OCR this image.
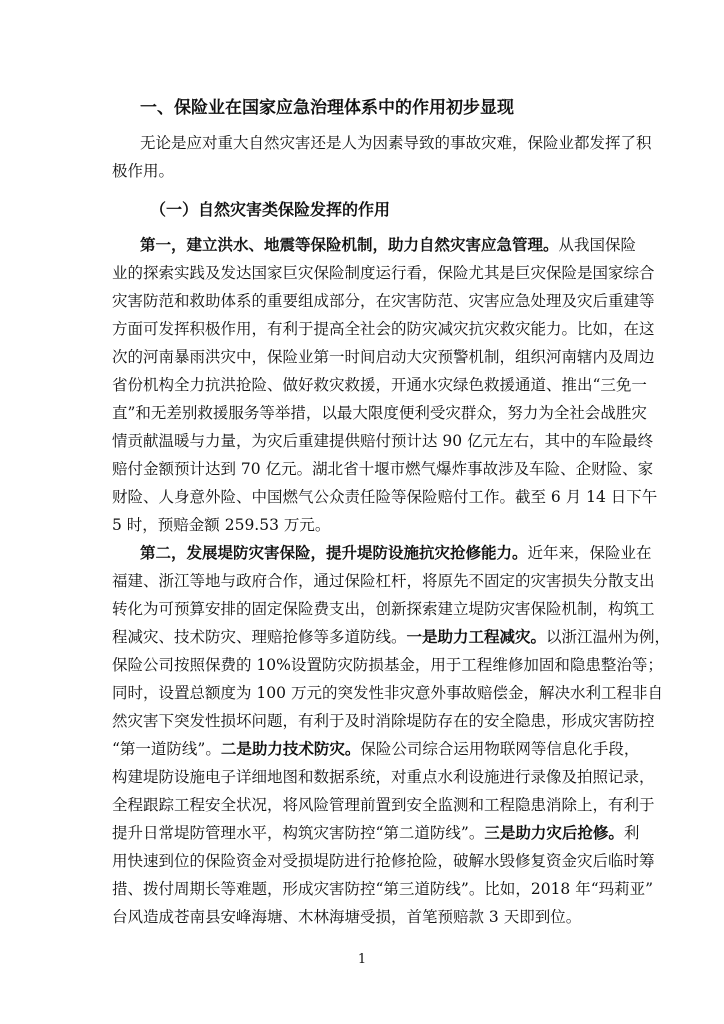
一、保险业在国家应急治理体系中的作用初步显现
无论是应对重大自然灾害还是人为因素导致的事故灾难，保险业都发挥了积
极作用。
（一）自然灾害类保险发挥的作用
第一，建立洪水、地震等保险机制，助力自然灾害应急管理。从我国保险
业的探索实践及发达国家巨灾保险制度运行看，保险尤其是巨灾保险是国家综合
灾害防范和救助体系的重要组成部分，在灾害防范、灾害应急处理及灾后重建等
方面可发挥积极作用，有利于提高全社会的防灾减灾抗灾救灾能力。比如，在这
次的河南暴雨洪灾中，保险业第一时间启动大灾预警机制，组织河南辖内及周边
省份机构全力抗洪抢险、做好救灾救援，开通水灾绿色救援通道、推出“三免一
直”和无差别救援服务等举措，以最大限度便利受灾群众，努力为全社会战胜灾
情贡献温暖与力量，为灾后重建提供赔付预计达 90 亿元左右，其中的车险最终
赔付金额预计达到 70 亿元。湖北省十堰市燃气爆炸事故涉及车险、企财险、家
财险、人身意外险、中国燃气公众责任险等保险赔付工作。截至 6 月 14 日下午
5 时，预赔金额 259.53 万元。
第二，发展堤防灾害保险，提升堤防设施抗灾抢修能力。近年来，保险业在
福建、浙江等地与政府合作，通过保险杠杆，将原先不固定的灾害损失分散支出
转化为可预算安排的固定保险费支出，创新探索建立堤防灾害保险机制，构筑工
程减灾、技术防灾、理赔抢修等多道防线。一是助力工程减灾。以浙江温州为例，
保险公司按照保费的 10%设置防灾防损基金，用于工程维修加固和隐患整治等；
同时，设置总额度为 100 万元的突发性非灾意外事故赔偿金，解决水利工程非自
然灾害下突发性损坏问题，有利于及时消除堤防存在的安全隐患，形成灾害防控
“第一道防线”。二是助力技术防灾。保险公司综合运用物联网等信息化手段，
构建堤防设施电子详细地图和数据系统，对重点水利设施进行录像及拍照记录，
全程跟踪工程安全状况，将风险管理前置到安全监测和工程隐患消除上，有利于
提升日常堤防管理水平，构筑灾害防控“第二道防线”。三是助力灾后抢修。利
用快速到位的保险资金对受损堤防进行抢修抢险，破解水毁修复资金灾后临时筹
措、拨付周期长等难题，形成灾害防控“第三道防线”。比如，2018 年“玛莉亚”
台风造成苍南县安峰海塘、木林海塘受损，首笔预赔款 3 天即到位。
1
